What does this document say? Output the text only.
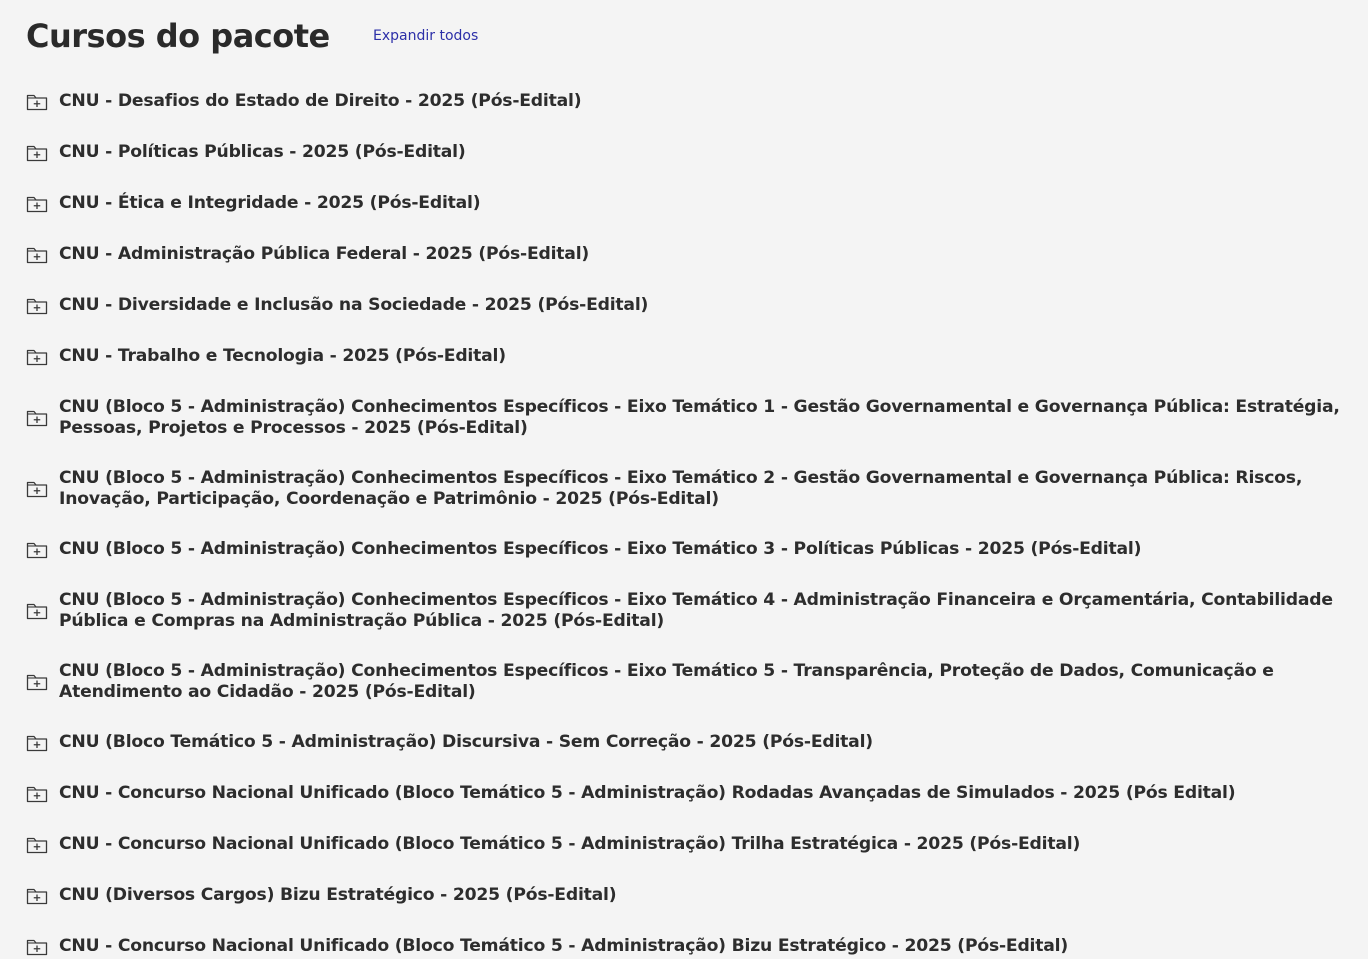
Cursos do pacote	Expandir todos
CNU - Desafios do Estado de Direito - 2025 (Pós-Edital)
CNU - Políticas Públicas - 2025 (Pós-Edital)
CNU - Ética e Integridade - 2025 (Pós-Edital)
CNU - Administração Pública Federal - 2025 (Pós-Edital)
CNU - Diversidade e Inclusão na Sociedade - 2025 (Pós-Edital)
CNU - Trabalho e Tecnologia - 2025 (Pós-Edital)
CNU (Bloco 5 - Administração) Conhecimentos Específicos - Eixo Temático 1 - Gestão Governamental e Governança Pública: Estratégia, Pessoas, Projetos e Processos - 2025 (Pós-Edital)
CNU (Bloco 5 - Administração) Conhecimentos Específicos - Eixo Temático 2 - Gestão Governamental e Governança Pública: Riscos, Inovação, Participação, Coordenação e Patrimônio - 2025 (Pós-Edital)
CNU (Bloco 5 - Administração) Conhecimentos Específicos - Eixo Temático 3 - Políticas Públicas - 2025 (Pós-Edital)
CNU (Bloco 5 - Administração) Conhecimentos Específicos - Eixo Temático 4 - Administração Financeira e Orçamentária, Contabilidade Pública e Compras na Administração Pública - 2025 (Pós-Edital)
CNU (Bloco 5 - Administração) Conhecimentos Específicos - Eixo Temático 5 - Transparência, Proteção de Dados, Comunicação e Atendimento ao Cidadão - 2025 (Pós-Edital)
CNU (Bloco Temático 5 - Administração) Discursiva - Sem Correção - 2025 (Pós-Edital)
CNU - Concurso Nacional Unificado (Bloco Temático 5 - Administração) Rodadas Avançadas de Simulados - 2025 (Pós Edital)
CNU - Concurso Nacional Unificado (Bloco Temático 5 - Administração) Trilha Estratégica - 2025 (Pós-Edital)
CNU (Diversos Cargos) Bizu Estratégico - 2025 (Pós-Edital)
CNU - Concurso Nacional Unificado (Bloco Temático 5 - Administração) Bizu Estratégico - 2025 (Pós-Edital)
